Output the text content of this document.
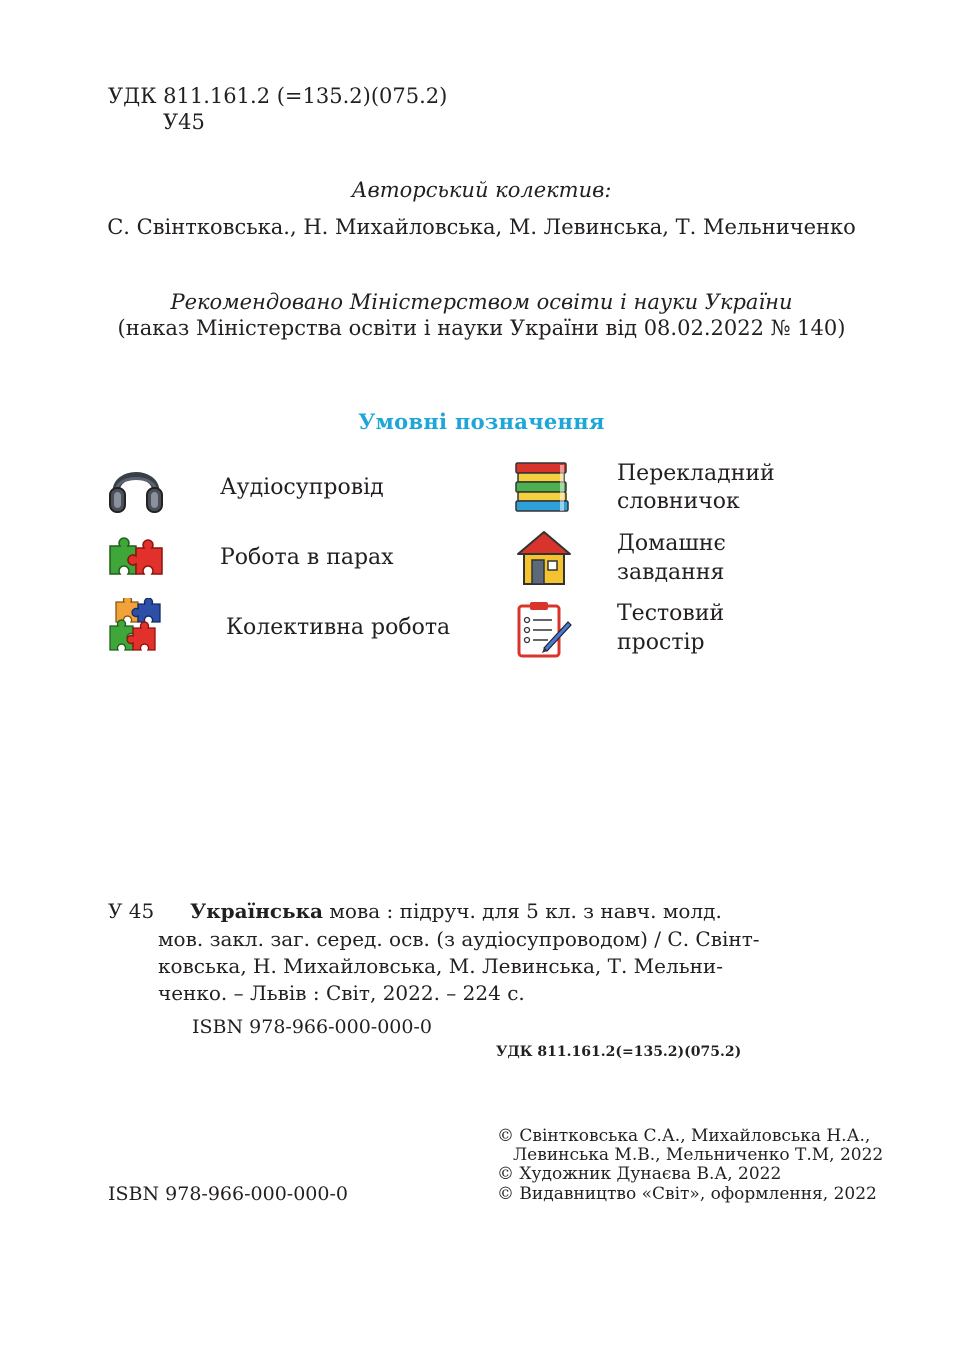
УДК 811.161.2 (=135.2)(075.2)
У45
Авторський колектив:
С. Свінтковська., Н. Михайловська, М. Левинська, Т. Мельниченко
Рекомендовано Міністерством освіти і науки України
(наказ Міністерства освіти і науки України від 08.02.2022 № 140)
Умовні позначення
Аудіосупровід
Робота в парах
Колективна робота
Перекладний
словничок
Домашнє
завдання
Тестовий
простір
У 45 Українська мова : підруч. для 5 кл. з навч. молд.
мов. закл. заг. серед. осв. (з аудіосупроводом) / С. Свінт-
ковська, Н. Михайловська, М. Левинська, Т. Мельни-
ченко. – Львів : Світ, 2022. – 224 с.
ISBN 978-966-000-000-0
УДК 811.161.2(=135.2)(075.2)
© Свінтковська С.А., Михайловська Н.А.,
Левинська М.В., Мельниченко Т.М, 2022
© Художник Дунаєва В.А, 2022
ISBN 978-966-000-000-0	© Видавництво «Світ», оформлення, 2022
